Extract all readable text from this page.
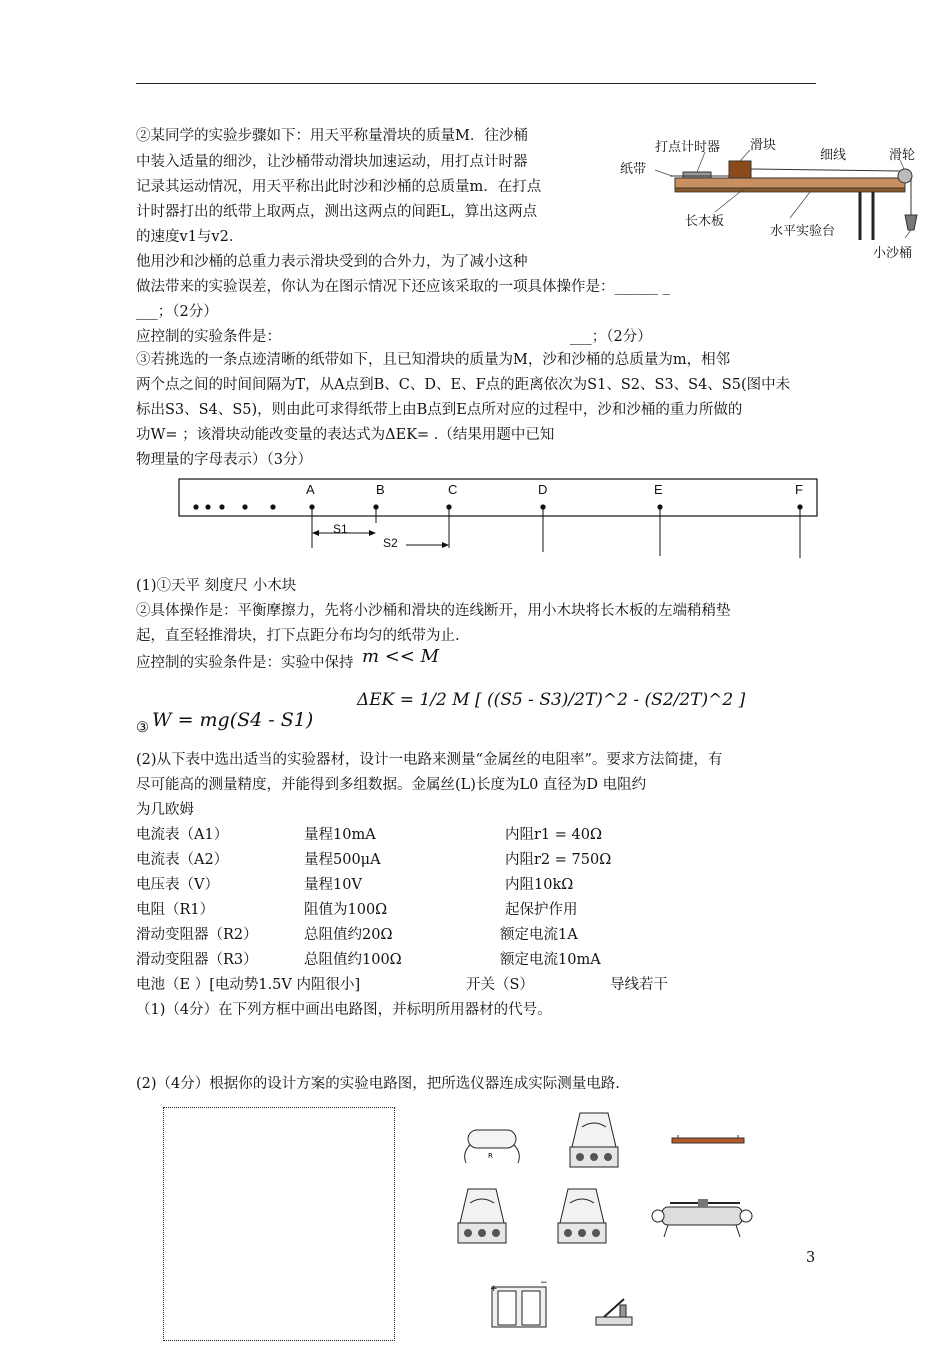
②某同学的实验步骤如下：用天平称量滑块的质量M．往沙桶
中装入适量的细沙，让沙桶带动滑块加速运动，用打点计时器
记录其运动情况，用天平称出此时沙和沙桶的总质量m．在打点
计时器打出的纸带上取两点，测出这两点的间距L，算出这两点
的速度v1与v2．
他用沙和沙桶的总重力表示滑块受到的合外力，为了减小这种
做法带来的实验误差，你认为在图示情况下还应该采取的一项具体操作是：______ _
___；（2分）
应控制的实验条件是：	___；（2分）
打点计时器 滑块
细线	滑轮
纸带
长木板
水平实验台
小沙桶
③若挑选的一条点迹清晰的纸带如下，且已知滑块的质量为M，沙和沙桶的总质量为m，相邻
两个点之间的时间间隔为T，从A点到B、C、D、E、F点的距离依次为S1、S2、S3、S4、S5(图中未
标出S3、S4、S5)，则由此可求得纸带上由B点到E点所对应的过程中，沙和沙桶的重力所做的
功W= ；该滑块动能改变量的表达式为ΔEK= .（结果用题中已知
物理量的字母表示）（3分）
A	B	C	D	E	F
S1
S2
(1)①天平 刻度尺 小木块
②具体操作是：平衡摩擦力，先将小沙桶和滑块的连线断开，用小木块将长木板的左端稍稍垫
起，直至轻推滑块，打下点距分布均匀的纸带为止.
应控制的实验条件是：实验中保持 m << M
③ W = mg(S4 - S1)
ΔEK = 1/2 M [ ((S5 - S3)/2T)^2 - (S2/2T)^2 ]
(2)从下表中选出适当的实验器材，设计一电路来测量“金属丝的电阻率”。要求方法简捷，有
尽可能高的测量精度，并能得到多组数据。金属丝(L)长度为L0 直径为D 电阻约
为几欧姆
电流表（A1）	量程10mA	内阻r1 = 40Ω
电流表（A2）	量程500μA	内阻r2 = 750Ω
电压表（V）	量程10V	内阻10kΩ
电阻（R1）	阻值为100Ω	起保护作用
滑动变阻器（R2）	总阻值约20Ω	额定电流1A
滑动变阻器（R3）	总阻值约100Ω	额定电流10mA
电池（E ）[电动势1.5V 内阻很小]	开关（S）	导线若干
（1)（4分）在下列方框中画出电路图，并标明所用器材的代号。
(2)（4分）根据你的设计方案的实验电路图，把所选仪器连成实际测量电路.
R
+
−
3
